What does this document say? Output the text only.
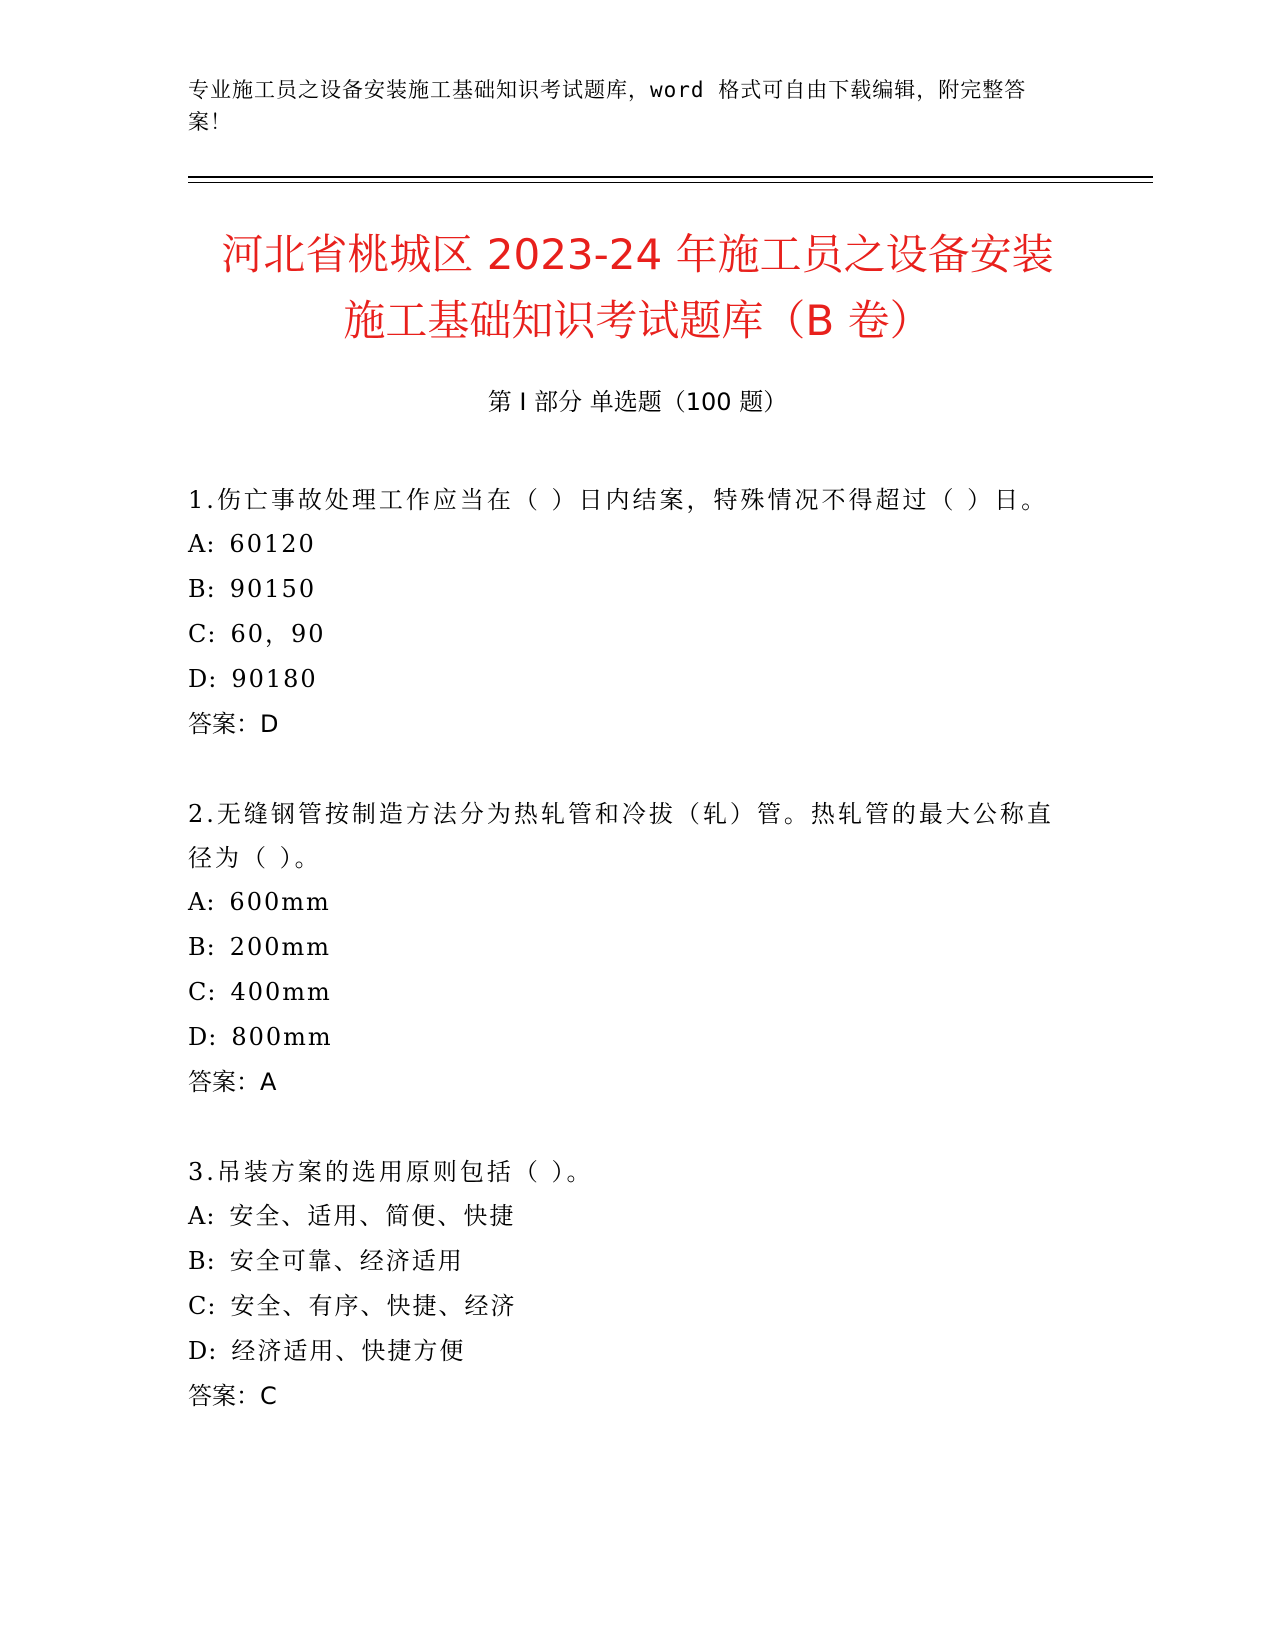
专业施工员之设备安装施工基础知识考试题库，word 格式可自由下载编辑，附完整答案！
河北省桃城区 2023-24 年施工员之设备安装
施工基础知识考试题库（B 卷）
第 I 部分 单选题（100 题）
1.伤亡事故处理工作应当在（ ）日内结案，特殊情况不得超过（ ）日。
A: 60120
B: 90150
C: 60，90
D: 90180
答案：D
2.无缝钢管按制造方法分为热轧管和冷拔（轧）管。热轧管的最大公称直径为（ ）。
A: 600mm
B: 200mm
C: 400mm
D: 800mm
答案：A
3.吊装方案的选用原则包括（ ）。
A: 安全、适用、简便、快捷
B: 安全可靠、经济适用
C: 安全、有序、快捷、经济
D: 经济适用、快捷方便
答案：C
